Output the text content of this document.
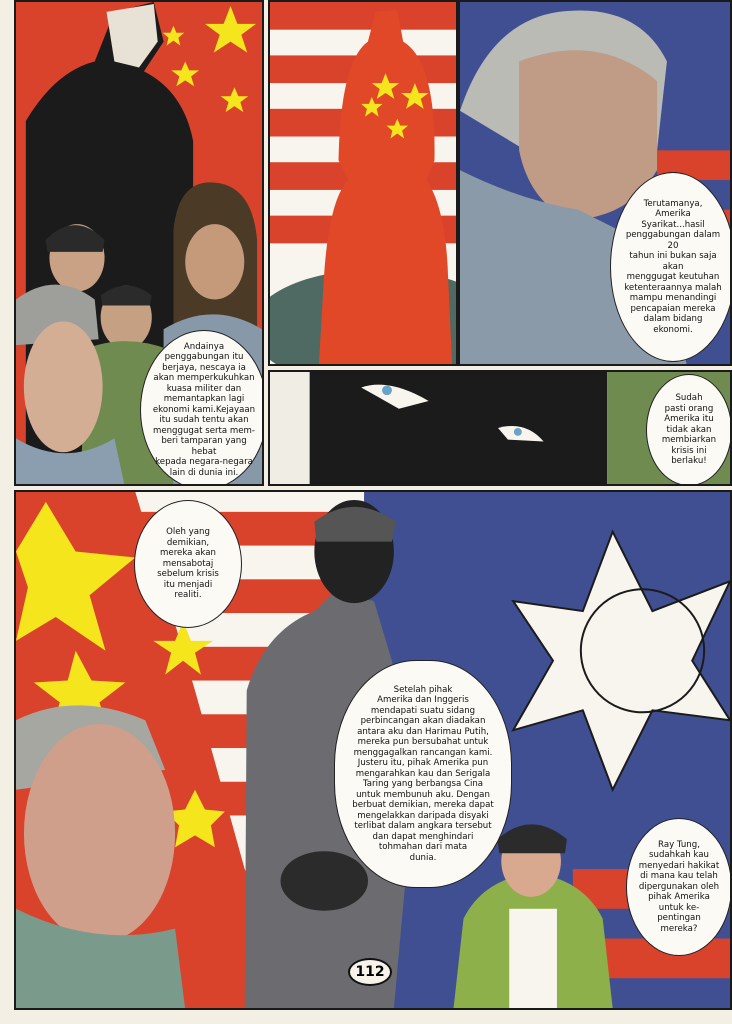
Andainya
penggabungan itu
berjaya, nescaya ia
akan memperkukuhkan
kuasa militer dan
memantapkan lagi
ekonomi kami.Kejayaan
itu sudah tentu akan
menggugat serta mem-
beri tamparan yang hebat
kepada negara-negara
lain di dunia ini.

Terutamanya,
Amerika
Syarikat...hasil
penggabungan dalam 20
tahun ini bukan saja akan
menggugat keutuhan
ketenteraannya malah
mampu menandingi
pencapaian mereka
dalam bidang
ekonomi.

Sudah
pasti orang
Amerika itu
tidak akan
membiarkan
krisis ini
berlaku!

Oleh yang
demikian,
mereka akan
mensabotaj
sebelum krisis
itu menjadi
realiti.

Setelah pihak
Amerika dan Inggeris
mendapati suatu sidang
perbincangan akan diadakan
antara aku dan Harimau Putih,
mereka pun bersubahat untuk
menggagalkan rancangan kami.
Justeru itu, pihak Amerika pun
mengarahkan kau dan Serigala
Taring yang berbangsa Cina
untuk membunuh aku. Dengan
berbuat demikian, mereka dapat
mengelakkan daripada disyaki
terlibat dalam angkara tersebut
dan dapat menghindari
tohmahan dari mata
dunia.

Ray Tung,
sudahkah kau
menyedari hakikat
di mana kau telah
dipergunakan oleh
pihak Amerika
untuk ke-
pentingan
mereka?

112
